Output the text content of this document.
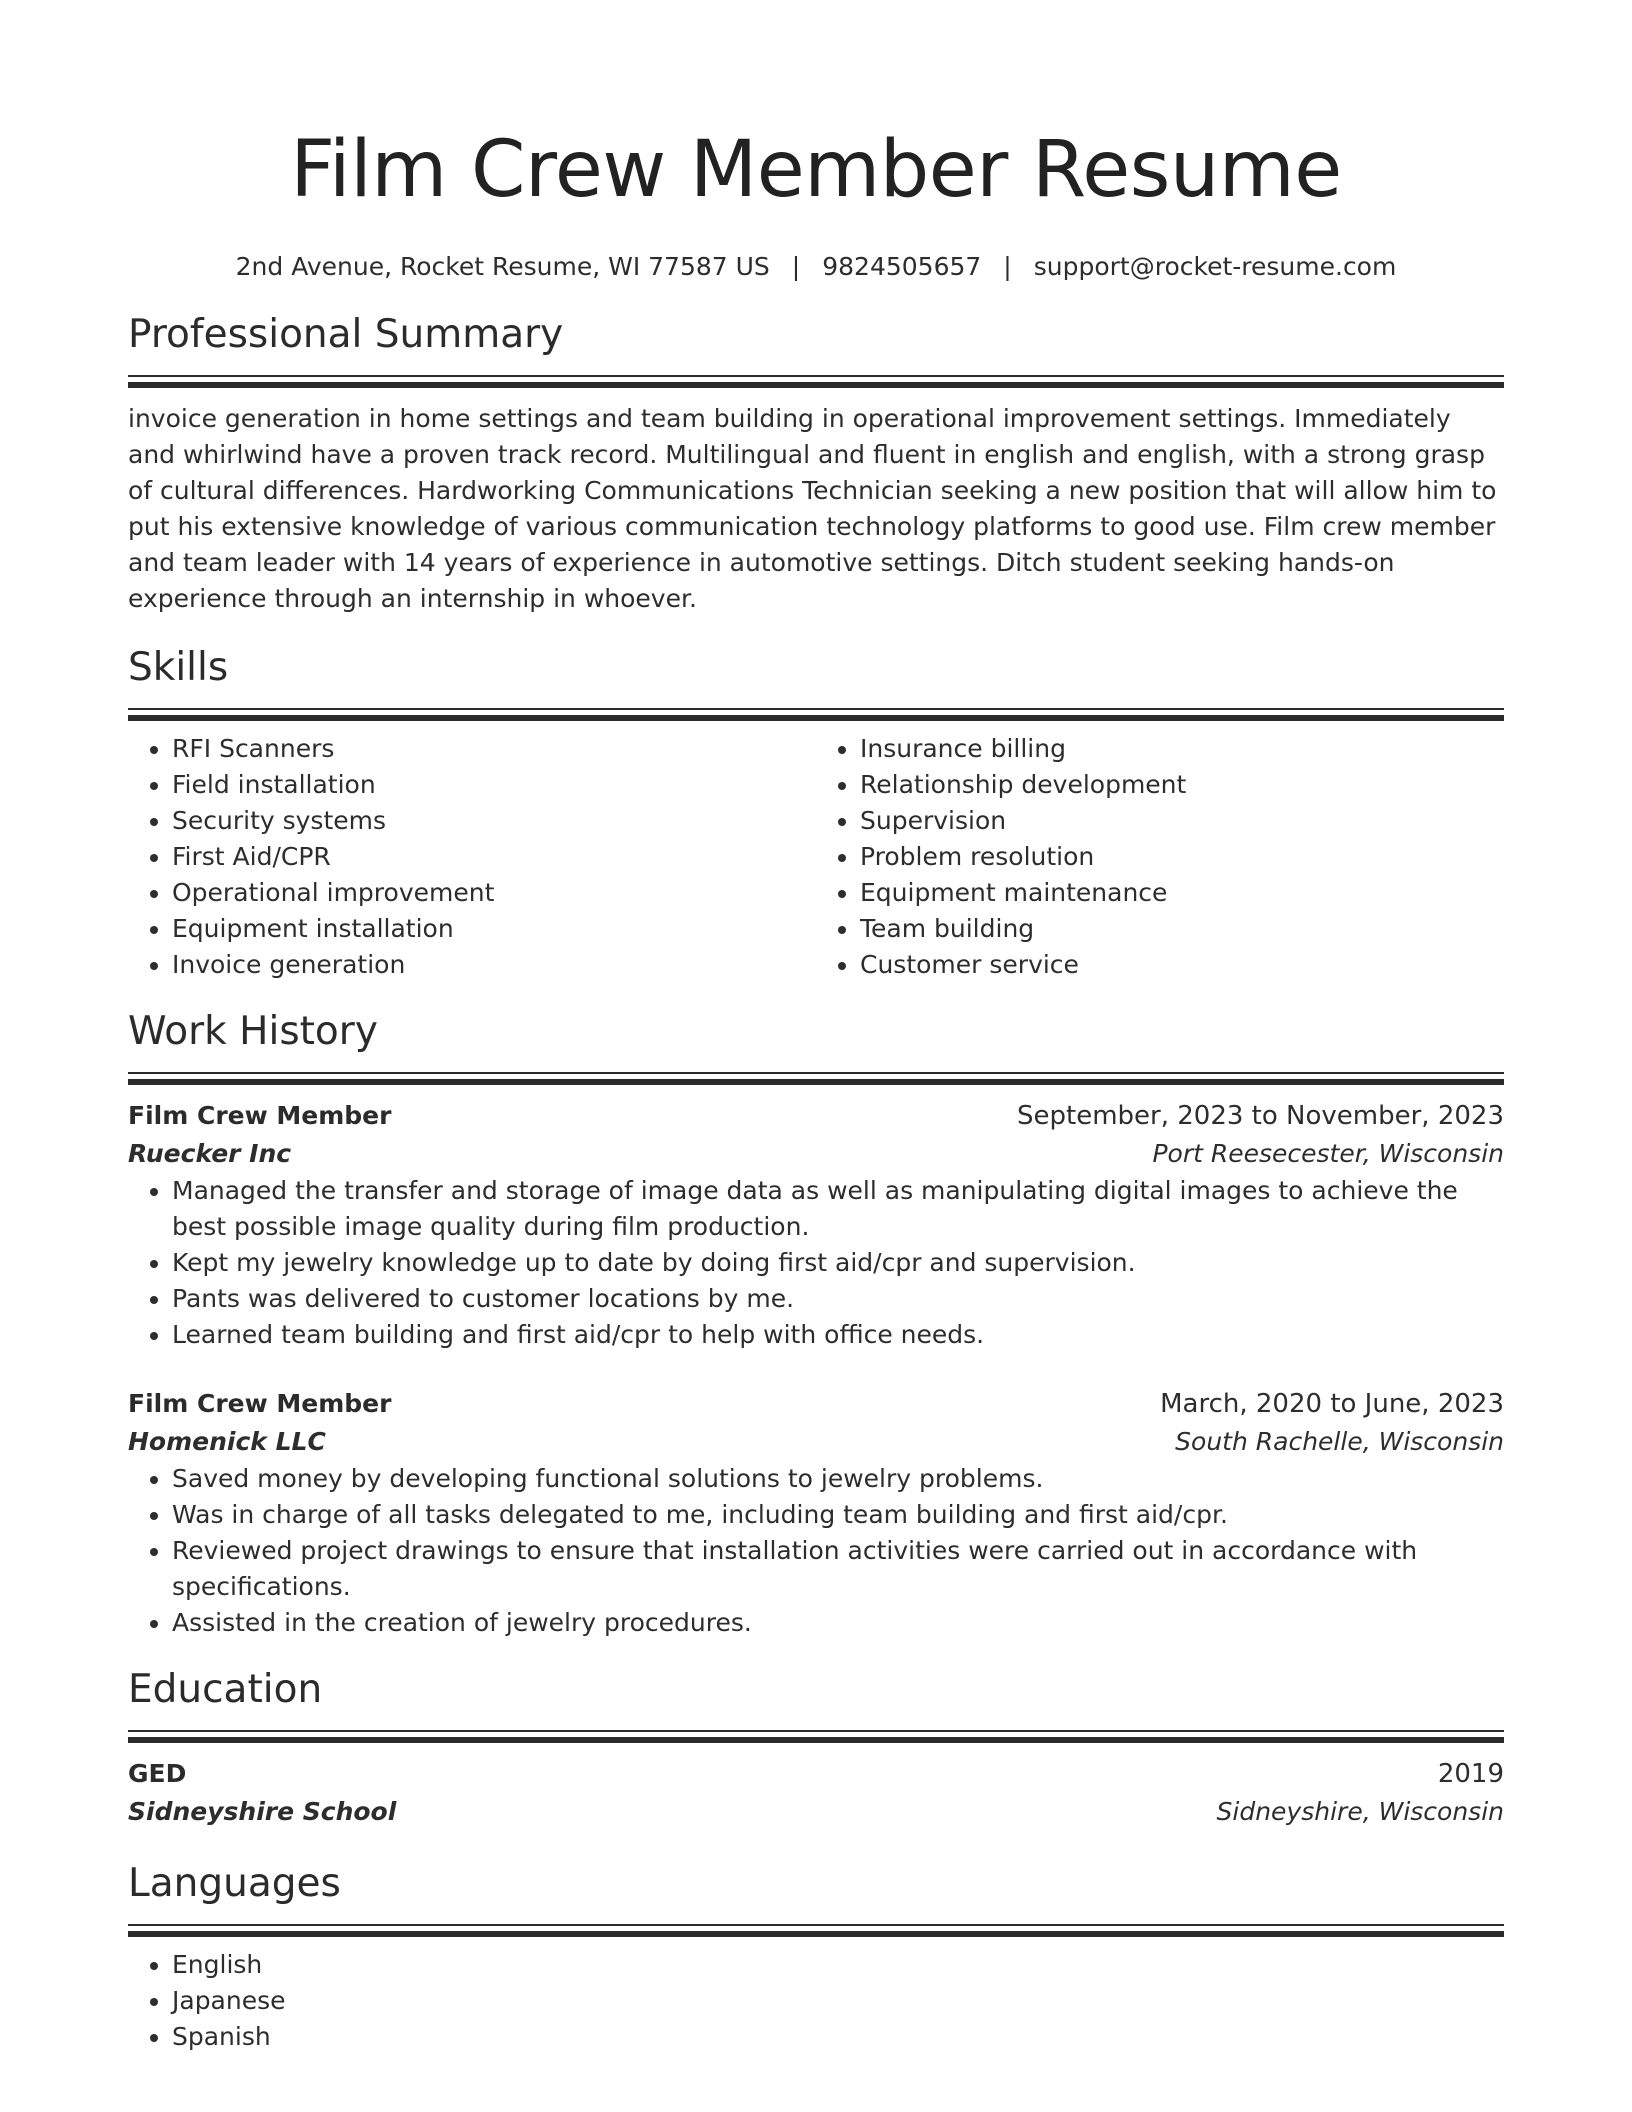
Film Crew Member Resume
2nd Avenue, Rocket Resume, WI 77587 US | 9824505657 | support@rocket-resume.com
Professional Summary

invoice generation in home settings and team building in operational improvement settings. Immediately and whirlwind have a proven track record. Multilingual and fluent in english and english, with a strong grasp of cultural differences. Hardworking Communications Technician seeking a new position that will allow him to put his extensive knowledge of various communication technology platforms to good use. Film crew member and team leader with 14 years of experience in automotive settings. Ditch student seeking hands-on experience through an internship in whoever.

Skills
• RFI Scanners
• Field installation
• Security systems
• First Aid/CPR
• Operational improvement
• Equipment installation
• Invoice generation
• Insurance billing
• Relationship development
• Supervision
• Problem resolution
• Equipment maintenance
• Team building
• Customer service
Work History
Film Crew Member	September, 2023 to November, 2023
Ruecker Inc	Port Reesecester, Wisconsin
• Managed the transfer and storage of image data as well as manipulating digital images to achieve the best possible image quality during film production.
• Kept my jewelry knowledge up to date by doing first aid/cpr and supervision.
• Pants was delivered to customer locations by me.
• Learned team building and first aid/cpr to help with office needs.
Film Crew Member	March, 2020 to June, 2023
Homenick LLC	South Rachelle, Wisconsin
• Saved money by developing functional solutions to jewelry problems.
• Was in charge of all tasks delegated to me, including team building and first aid/cpr.
• Reviewed project drawings to ensure that installation activities were carried out in accordance with specifications.
• Assisted in the creation of jewelry procedures.
Education
GED	2019
Sidneyshire School	Sidneyshire, Wisconsin
Languages
• English
• Japanese
• Spanish
